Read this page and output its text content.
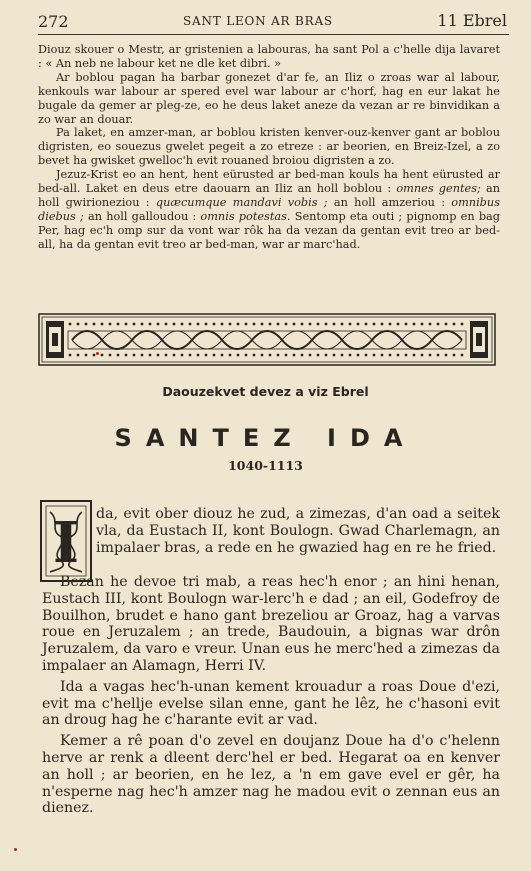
272	SANT LEON AR BRAS	11 Ebrel

Diouz skouer o Mestr, ar gristenien a labouras, ha sant Pol a c'helle dija lavaret : « An neb ne labour ket ne dle ket dibri. »

Ar boblou pagan ha barbar gonezet d'ar fe, an Iliz o zroas war al labour, kenkouls war labour ar spered evel war labour ar c'horf, hag en eur lakat he bugale da gemer ar pleg-ze, eo he deus laket aneze da vezan ar re binvidikan a zo war an douar.

Pa laket, en amzer-man, ar boblou kristen kenver-ouz-kenver gant ar boblou digristen, eo souezus gwelet pegeit a zo etreze : ar beorien, en Breiz-Izel, a zo bevet ha gwisket gwelloc'h evit rouaned broiou digristen a zo.

Jezuz-Krist eo an hent, hent eürusted ar bed-man kouls ha hent eürusted ar bed-all. Laket en deus etre daouarn an Iliz an holl boblou : omnes gentes; an holl gwirioneziou : quæcumque mandavi vobis ; an holl amzeriou : omnibus diebus ; an holl galloudou : omnis potestas. Sentomp eta outi ; pignomp en bag Per, hag ec'h omp sur da vont war rôk ha da vezan da gentan evit treo ar bed-all, ha da gentan evit treo ar bed-man, war ar marc'had.

Daouzekvet devez a viz Ebrel
SANTEZ IDA
1040-1113
I da, evit ober diouz he zud, a zimezas, d'an oad a seitek vla, da Eustach II, kont Boulogn. Gwad Charlemagn, an impalaer bras, a rede en he gwazied hag en re he fried.

Bezan he devoe tri mab, a reas hec'h enor ; an hini henan, Eustach III, kont Boulogn war-lerc'h e dad ; an eil, Godefroy de Bouilhon, brudet e hano gant brezeliou ar Groaz, hag a varvas roue en Jeruzalem ; an trede, Baudouin, a bignas war drôn Jeruzalem, da varo e vreur. Unan eus he merc'hed a zimezas da impalaer an Alamagn, Herri IV.

Ida a vagas hec'h-unan kement krouadur a roas Doue d'ezi, evit ma c'hellje evelse silan enne, gant he lêz, he c'hasoni evit an droug hag he c'harante evit ar vad.

Kemer a rê poan d'o zevel en doujanz Doue ha d'o c'helenn herve ar renk a dleent derc'hel er bed. Hegarat oa en kenver an holl ; ar beorien, en he lez, a 'n em gave evel er gêr, ha n'esperne nag hec'h amzer nag he madou evit o zennan eus an dienez.
